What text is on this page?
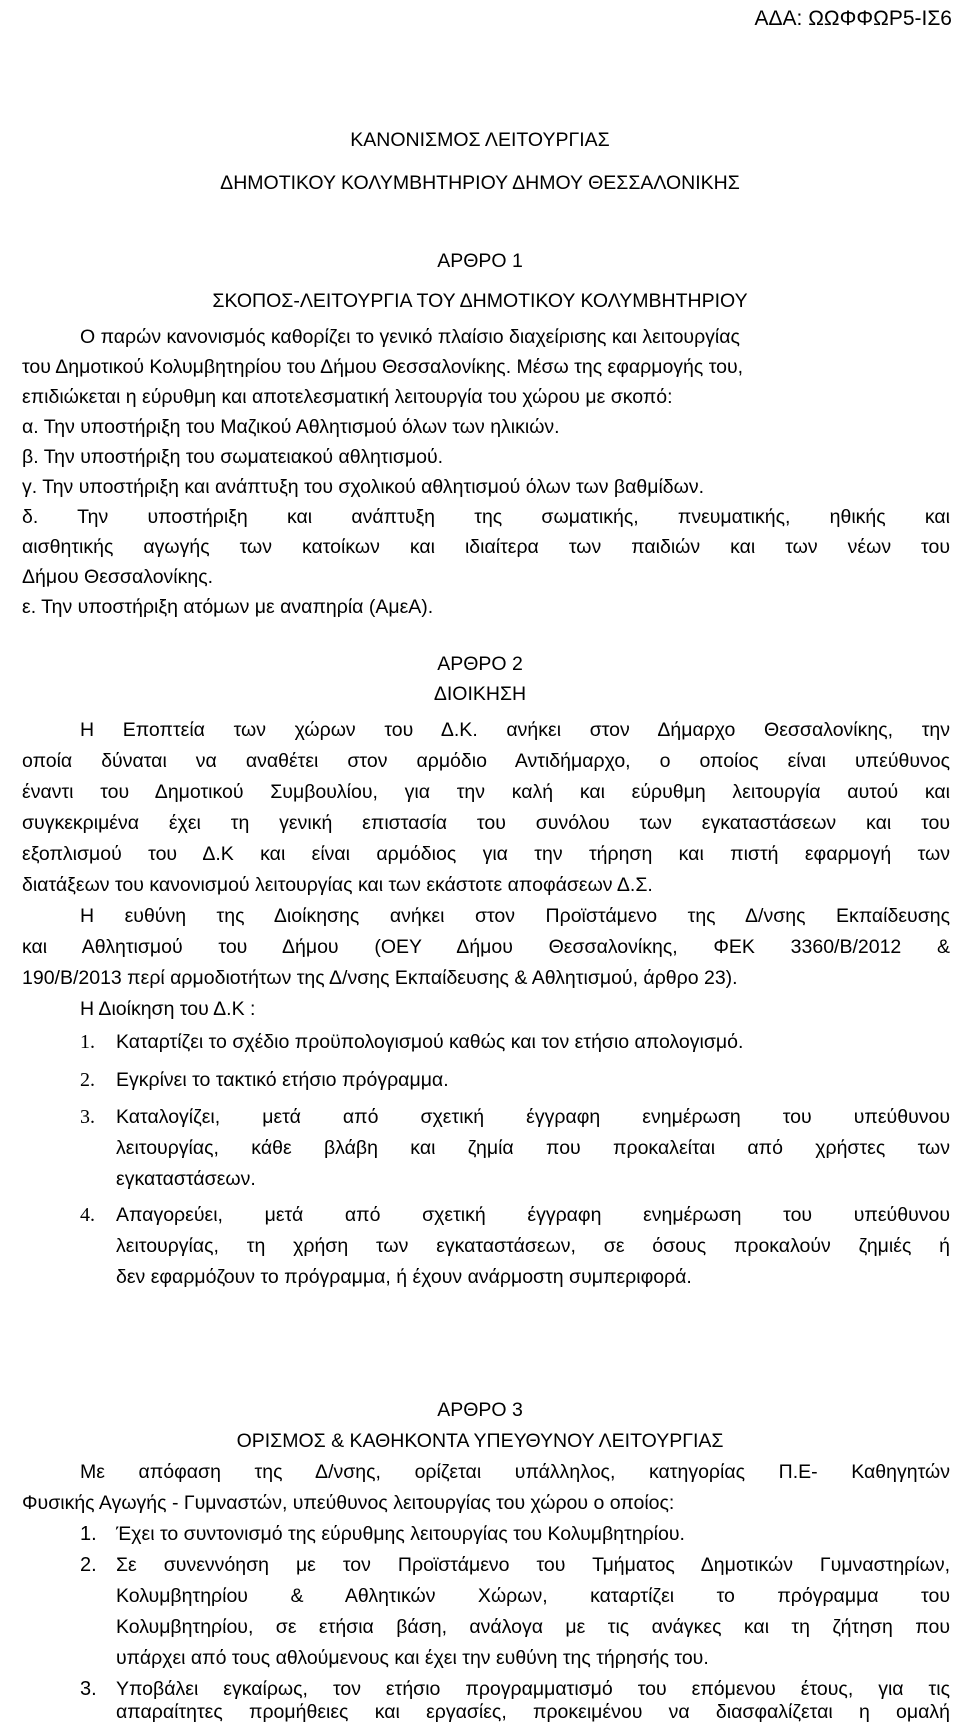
ΑΔΑ: ΩΩΦΦΩΡ5-ΙΣ6
ΚΑΝΟΝΙΣΜΟΣ ΛΕΙΤΟΥΡΓΙΑΣ
ΔΗΜΟΤΙΚΟΥ ΚΟΛΥΜΒΗΤΗΡΙΟΥ ΔΗΜΟΥ ΘΕΣΣΑΛΟΝΙΚΗΣ
ΑΡΘΡΟ 1
ΣΚΟΠΟΣ-ΛΕΙΤΟΥΡΓΙΑ ΤΟΥ ΔΗΜΟΤΙΚΟΥ ΚΟΛΥΜΒΗΤΗΡΙΟΥ
Ο παρών κανονισμός καθορίζει το γενικό πλαίσιο διαχείρισης και λειτουργίας
του Δημοτικού Κολυμβητηρίου του Δήμου Θεσσαλονίκης. Μέσω της εφαρμογής του,
επιδιώκεται η εύρυθμη και αποτελεσματική λειτουργία του χώρου με σκοπό:
α. Την υποστήριξη του Μαζικού Αθλητισμού όλων των ηλικιών.
β. Την υποστήριξη του σωματειακού αθλητισμού.
γ. Την υποστήριξη και ανάπτυξη του σχολικού αθλητισμού όλων των βαθμίδων.
δ. Την υποστήριξη και ανάπτυξη της σωματικής, πνευματικής, ηθικής και
αισθητικής αγωγής των κατοίκων και ιδιαίτερα των παιδιών και των νέων του
Δήμου Θεσσαλονίκης.
ε. Την υποστήριξη ατόμων με αναπηρία (ΑμεΑ).
ΑΡΘΡΟ 2
ΔΙΟΙΚΗΣΗ
Η Εποπτεία των χώρων του Δ.Κ. ανήκει στον Δήμαρχο Θεσσαλονίκης, την
οποία δύναται να αναθέτει στον αρμόδιο Αντιδήμαρχο, ο οποίος είναι υπεύθυνος
έναντι του Δημοτικού Συμβουλίου, για την καλή και εύρυθμη λειτουργία αυτού και
συγκεκριμένα έχει τη γενική επιστασία του συνόλου των εγκαταστάσεων και του
εξοπλισμού του Δ.Κ και είναι αρμόδιος για την τήρηση και πιστή εφαρμογή των
διατάξεων του κανονισμού λειτουργίας και των εκάστοτε αποφάσεων Δ.Σ.
Η ευθύνη της Διοίκησης ανήκει στον Προϊστάμενο της Δ/νσης Εκπαίδευσης
και Αθλητισμού του Δήμου (ΟΕΥ Δήμου Θεσσαλονίκης, ΦΕΚ 3360/Β/2012 &
190/Β/2013 περί αρμοδιοτήτων της Δ/νσης Εκπαίδευσης & Αθλητισμού, άρθρο 23).
Η Διοίκηση του Δ.Κ :
1. Καταρτίζει το σχέδιο προϋπολογισμού καθώς και τον ετήσιο απολογισμό.
2. Εγκρίνει το τακτικό ετήσιο πρόγραμμα.
3. Καταλογίζει, μετά από σχετική έγγραφη ενημέρωση του υπεύθυνου
λειτουργίας, κάθε βλάβη και ζημία που προκαλείται από χρήστες των
εγκαταστάσεων.
4. Απαγορεύει, μετά από σχετική έγγραφη ενημέρωση του υπεύθυνου
λειτουργίας, τη χρήση των εγκαταστάσεων, σε όσους προκαλούν ζημιές ή
δεν εφαρμόζουν το πρόγραμμα, ή έχουν ανάρμοστη συμπεριφορά.
ΑΡΘΡΟ 3
ΟΡΙΣΜΟΣ & ΚΑΘΗΚΟΝΤΑ ΥΠΕΥΘΥΝΟΥ ΛΕΙΤΟΥΡΓΙΑΣ
Με απόφαση της Δ/νσης, ορίζεται υπάλληλος, κατηγορίας Π.Ε- Καθηγητών
Φυσικής Αγωγής - Γυμναστών, υπεύθυνος λειτουργίας του χώρου ο οποίος:
1. Έχει το συντονισμό της εύρυθμης λειτουργίας του Κολυμβητηρίου.
2. Σε συνεννόηση με τον Προϊστάμενο του Τμήματος Δημοτικών Γυμναστηρίων,
Κολυμβητηρίου & Αθλητικών Χώρων, καταρτίζει το πρόγραμμα του
Κολυμβητηρίου, σε ετήσια βάση, ανάλογα με τις ανάγκες και τη ζήτηση που
υπάρχει από τους αθλούμενους και έχει την ευθύνη της τήρησής του.
3. Υποβάλει εγκαίρως, τον ετήσιο προγραμματισμό του επόμενου έτους, για τις
απαραίτητες προμήθειες και εργασίες, προκειμένου να διασφαλίζεται η ομαλή
